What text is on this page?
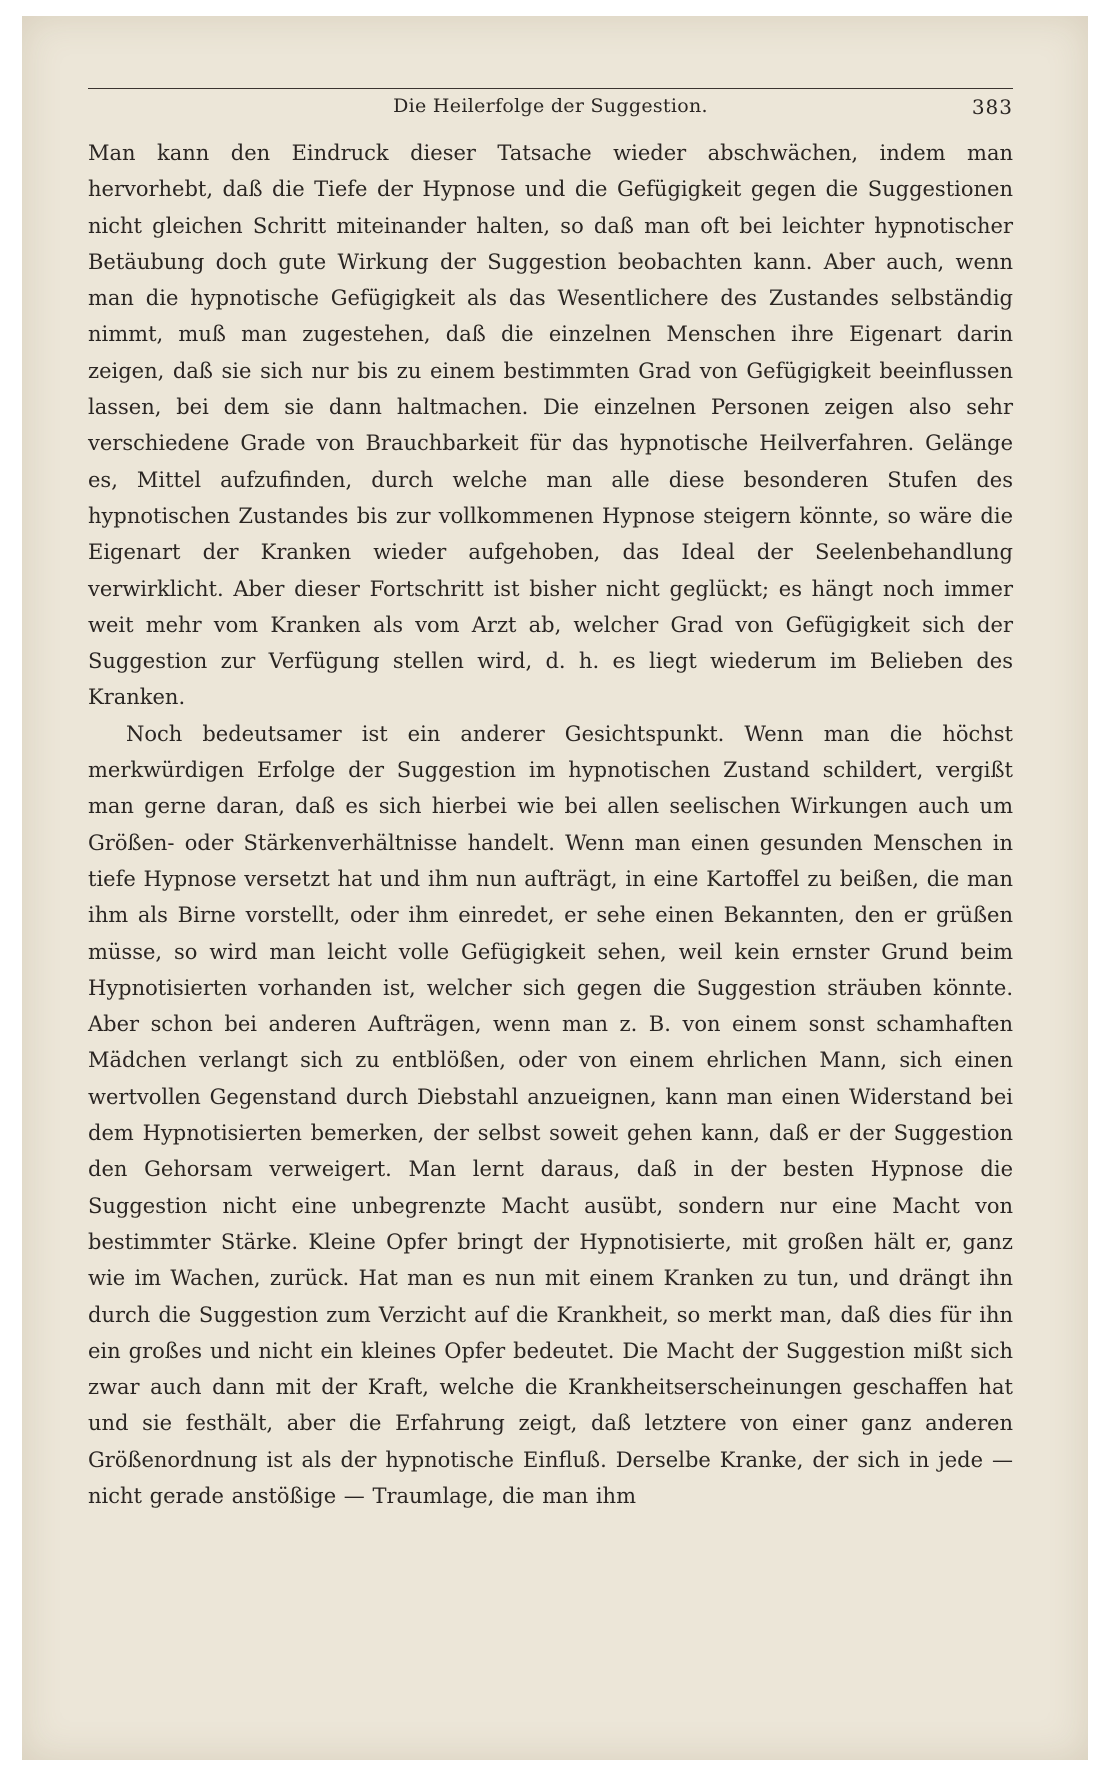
Die Heilerfolge der Suggestion.	383

Man kann den Eindruck dieser Tatsache wieder abschwächen, indem man hervorhebt, daß die Tiefe der Hypnose und die Gefügigkeit gegen die Suggestionen nicht gleichen Schritt miteinander halten, so daß man oft bei leichter hypnotischer Betäubung doch gute Wirkung der Suggestion beobachten kann. Aber auch, wenn man die hypnotische Gefügigkeit als das Wesentlichere des Zustandes selbständig nimmt, muß man zugestehen, daß die einzelnen Menschen ihre Eigenart darin zeigen, daß sie sich nur bis zu einem bestimmten Grad von Gefügigkeit beeinflussen lassen, bei dem sie dann haltmachen. Die einzelnen Personen zeigen also sehr verschiedene Grade von Brauchbarkeit für das hypnotische Heilverfahren. Gelänge es, Mittel aufzufinden, durch welche man alle diese besonderen Stufen des hypnotischen Zustandes bis zur vollkommenen Hypnose steigern könnte, so wäre die Eigenart der Kranken wieder aufgehoben, das Ideal der Seelenbehandlung verwirklicht. Aber dieser Fortschritt ist bisher nicht geglückt; es hängt noch immer weit mehr vom Kranken als vom Arzt ab, welcher Grad von Gefügigkeit sich der Suggestion zur Verfügung stellen wird, d. h. es liegt wiederum im Belieben des Kranken.

Noch bedeutsamer ist ein anderer Gesichtspunkt. Wenn man die höchst merkwürdigen Erfolge der Suggestion im hypnotischen Zustand schildert, vergißt man gerne daran, daß es sich hierbei wie bei allen seelischen Wirkungen auch um Größen- oder Stärkenverhältnisse handelt. Wenn man einen gesunden Menschen in tiefe Hypnose versetzt hat und ihm nun aufträgt, in eine Kartoffel zu beißen, die man ihm als Birne vorstellt, oder ihm einredet, er sehe einen Bekannten, den er grüßen müsse, so wird man leicht volle Gefügigkeit sehen, weil kein ernster Grund beim Hypnotisierten vorhanden ist, welcher sich gegen die Suggestion sträuben könnte. Aber schon bei anderen Aufträgen, wenn man z. B. von einem sonst schamhaften Mädchen verlangt sich zu entblößen, oder von einem ehrlichen Mann, sich einen wertvollen Gegenstand durch Diebstahl anzueignen, kann man einen Widerstand bei dem Hypnotisierten bemerken, der selbst soweit gehen kann, daß er der Suggestion den Gehorsam verweigert. Man lernt daraus, daß in der besten Hypnose die Suggestion nicht eine unbegrenzte Macht ausübt, sondern nur eine Macht von bestimmter Stärke. Kleine Opfer bringt der Hypnotisierte, mit großen hält er, ganz wie im Wachen, zurück. Hat man es nun mit einem Kranken zu tun, und drängt ihn durch die Suggestion zum Verzicht auf die Krankheit, so merkt man, daß dies für ihn ein großes und nicht ein kleines Opfer bedeutet. Die Macht der Suggestion mißt sich zwar auch dann mit der Kraft, welche die Krankheitserscheinungen geschaffen hat und sie festhält, aber die Erfahrung zeigt, daß letztere von einer ganz anderen Größenordnung ist als der hypnotische Einfluß. Derselbe Kranke, der sich in jede — nicht gerade anstößige — Traumlage, die man ihm
